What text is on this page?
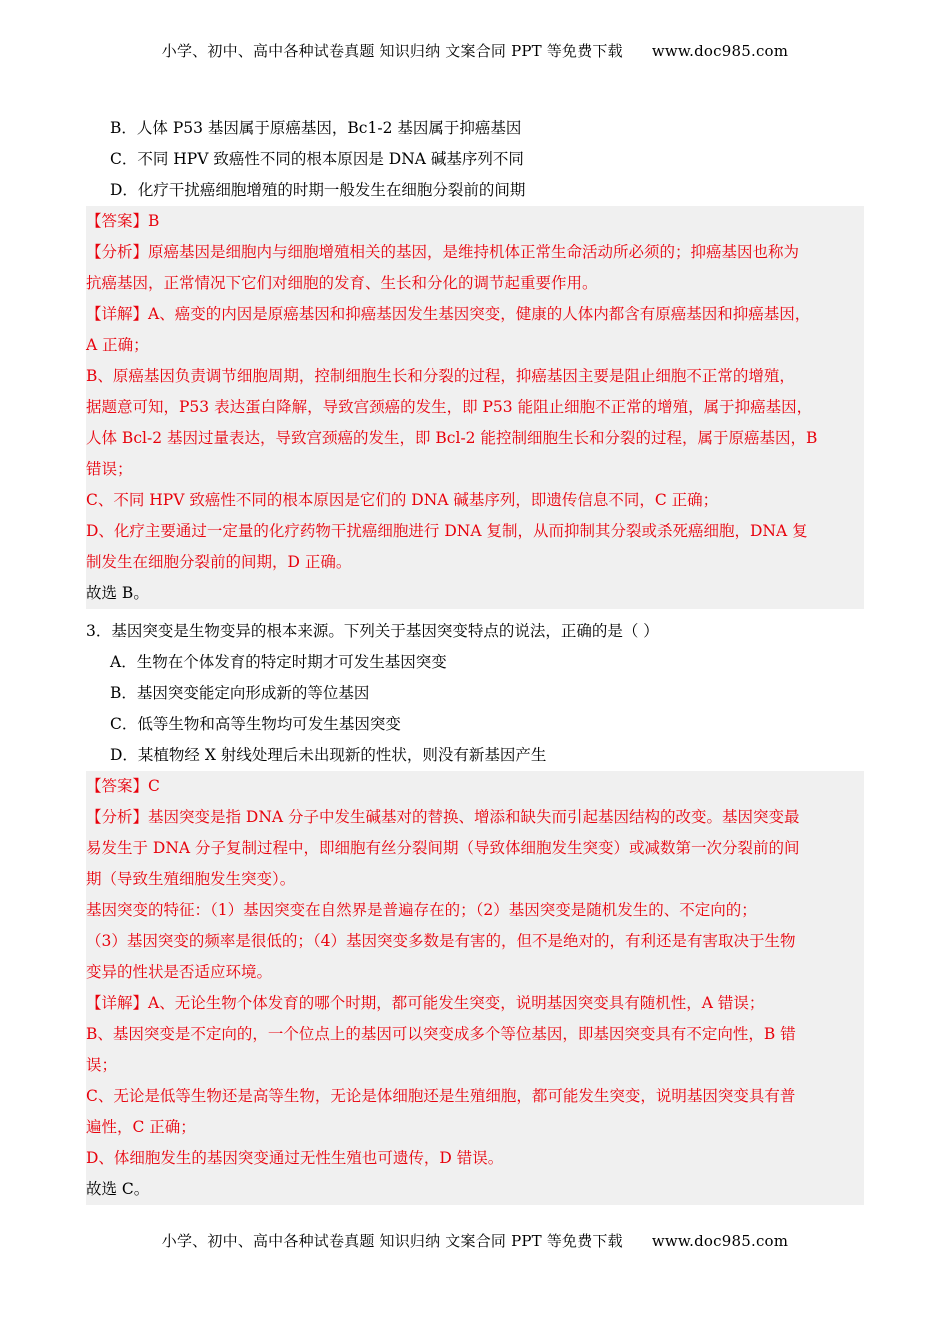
小学、初中、高中各种试卷真题 知识归纳 文案合同 PPT 等免费下载 www.doc985.com
B．人体 P53 基因属于原癌基因，Bc1-2 基因属于抑癌基因
C．不同 HPV 致癌性不同的根本原因是 DNA 碱基序列不同
D．化疗干扰癌细胞增殖的时期一般发生在细胞分裂前的间期

【答案】B

【分析】原癌基因是细胞内与细胞增殖相关的基因，是维持机体正常生命活动所必须的；抑癌基因也称为

抗癌基因，正常情况下它们对细胞的发育、生长和分化的调节起重要作用。

【详解】A、癌变的内因是原癌基因和抑癌基因发生基因突变，健康的人体内都含有原癌基因和抑癌基因，

A 正确；

B、原癌基因负责调节细胞周期，控制细胞生长和分裂的过程，抑癌基因主要是阻止细胞不正常的增殖，

据题意可知，P53 表达蛋白降解，导致宫颈癌的发生，即 P53 能阻止细胞不正常的增殖，属于抑癌基因，

人体 Bcl-2 基因过量表达，导致宫颈癌的发生，即 Bcl-2 能控制细胞生长和分裂的过程，属于原癌基因，B

错误；

C、不同 HPV 致癌性不同的根本原因是它们的 DNA 碱基序列，即遗传信息不同，C 正确；

D、化疗主要通过一定量的化疗药物干扰癌细胞进行 DNA 复制，从而抑制其分裂或杀死癌细胞，DNA 复

制发生在细胞分裂前的间期，D 正确。

故选 B。

3．基因突变是生物变异的根本来源。下列关于基因突变特点的说法，正确的是（ ）
A．生物在个体发育的特定时期才可发生基因突变
B．基因突变能定向形成新的等位基因
C．低等生物和高等生物均可发生基因突变
D．某植物经 X 射线处理后未出现新的性状，则没有新基因产生

【答案】C

【分析】基因突变是指 DNA 分子中发生碱基对的替换、增添和缺失而引起基因结构的改变。基因突变最

易发生于 DNA 分子复制过程中，即细胞有丝分裂间期（导致体细胞发生突变）或减数第一次分裂前的间

期（导致生殖细胞发生突变）。

基因突变的特征：（1）基因突变在自然界是普遍存在的；（2）基因突变是随机发生的、不定向的；

（3）基因突变的频率是很低的；（4）基因突变多数是有害的，但不是绝对的，有利还是有害取决于生物

变异的性状是否适应环境。

【详解】A、无论生物个体发育的哪个时期，都可能发生突变，说明基因突变具有随机性，A 错误；

B、基因突变是不定向的，一个位点上的基因可以突变成多个等位基因，即基因突变具有不定向性，B 错

误；

C、无论是低等生物还是高等生物，无论是体细胞还是生殖细胞，都可能发生突变，说明基因突变具有普

遍性，C 正确；

D、体细胞发生的基因突变通过无性生殖也可遗传，D 错误。

故选 C。

小学、初中、高中各种试卷真题 知识归纳 文案合同 PPT 等免费下载 www.doc985.com
